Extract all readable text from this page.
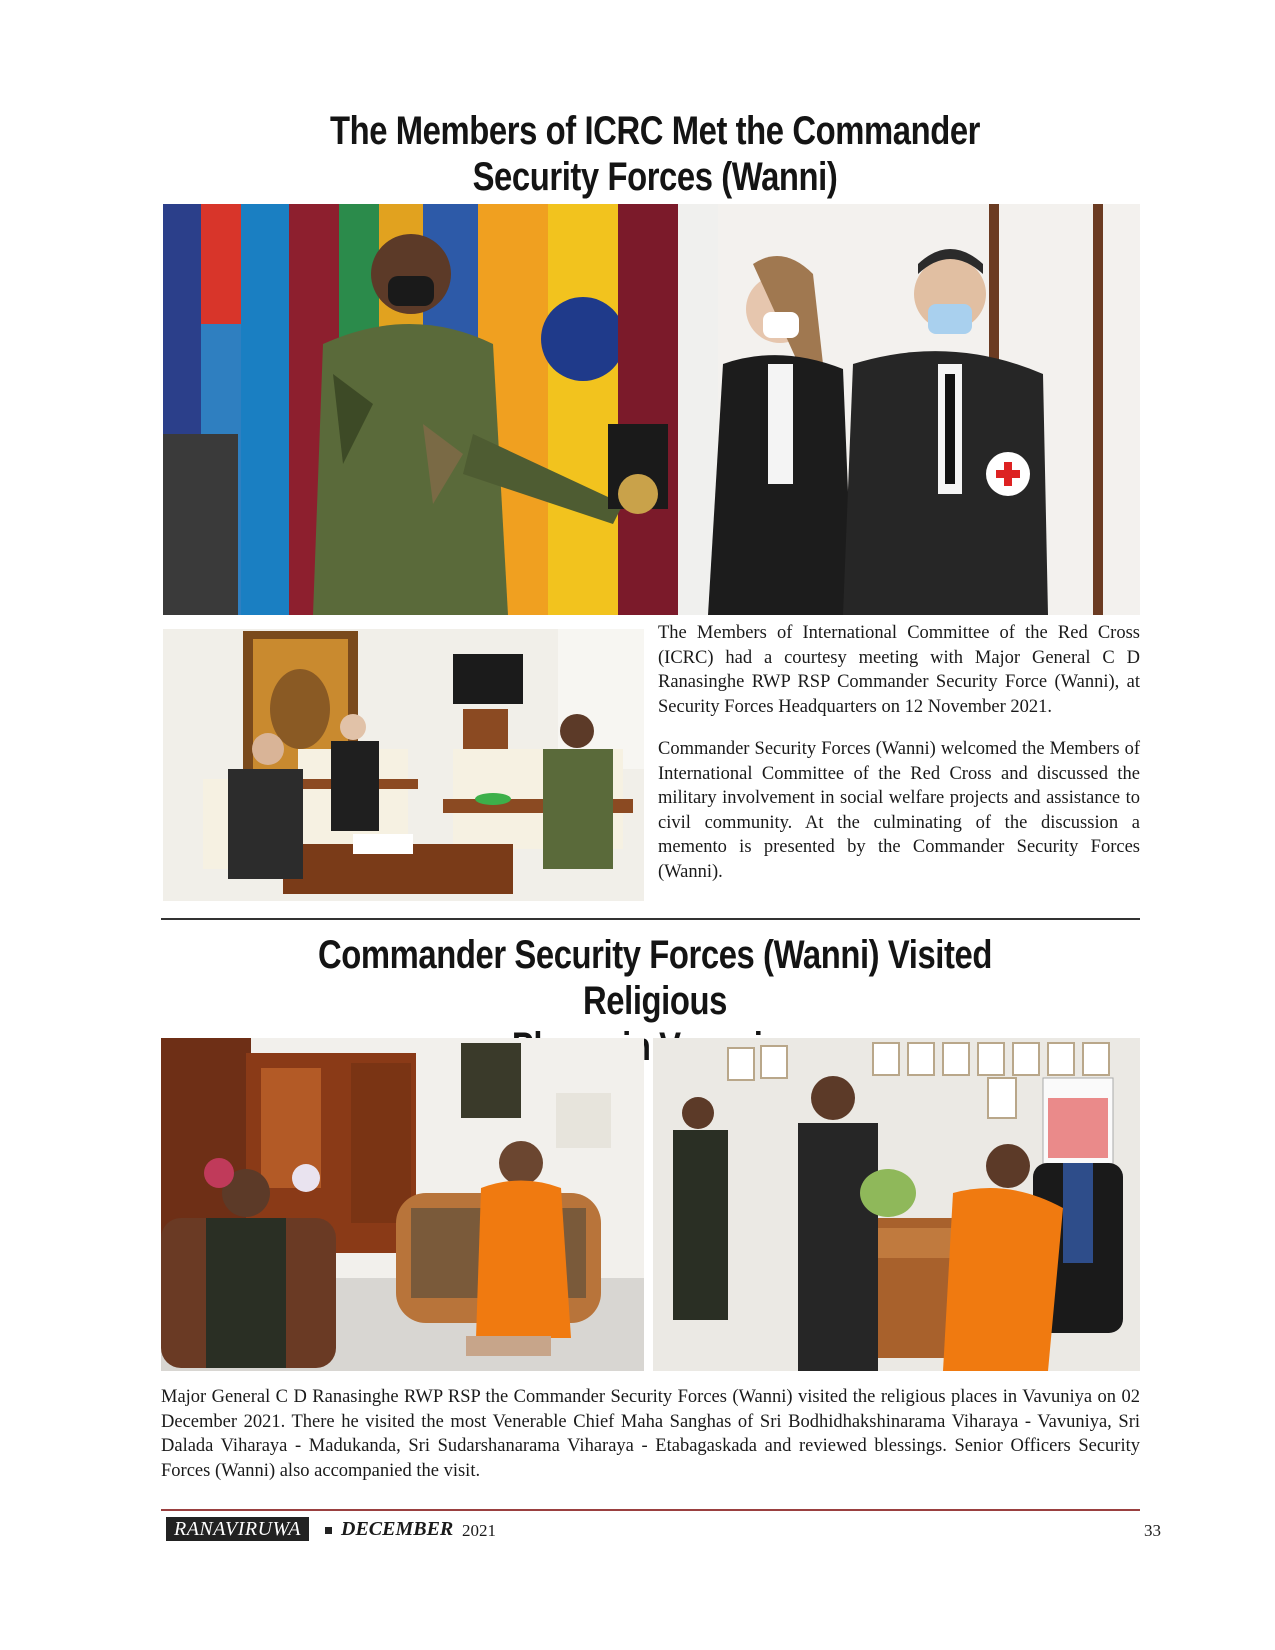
The Members of ICRC Met the Commander
Security Forces (Wanni)

The Members of International Committee of the Red Cross (ICRC) had a courtesy meeting with Major General C D Ranasinghe RWP RSP Commander Security Force (Wanni), at Security Forces Headquarters on 12 November 2021.

Commander Security Forces (Wanni) welcomed the Members of International Committee of the Red Cross and discussed the military involvement in social welfare projects and assistance to civil community. At the culminating of the discussion a memento is presented by the Commander Security Forces (Wanni).

Commander Security Forces (Wanni) Visited Religious

Major General C D Ranasinghe RWP RSP the Commander Security Forces (Wanni) visited the religious places in Vavuniya on 02 December 2021. There he visited the most Venerable Chief Maha Sanghas of Sri Bodhidhakshinarama Viharaya - Vavuniya, Sri Dalada Viharaya - Madukanda, Sri Sudarshanarama Viharaya - Etabagaskada and reviewed blessings. Senior Officers Security Forces (Wanni) also accompanied the visit.

RANAVIRUWA	DECEMBER 2021	33
